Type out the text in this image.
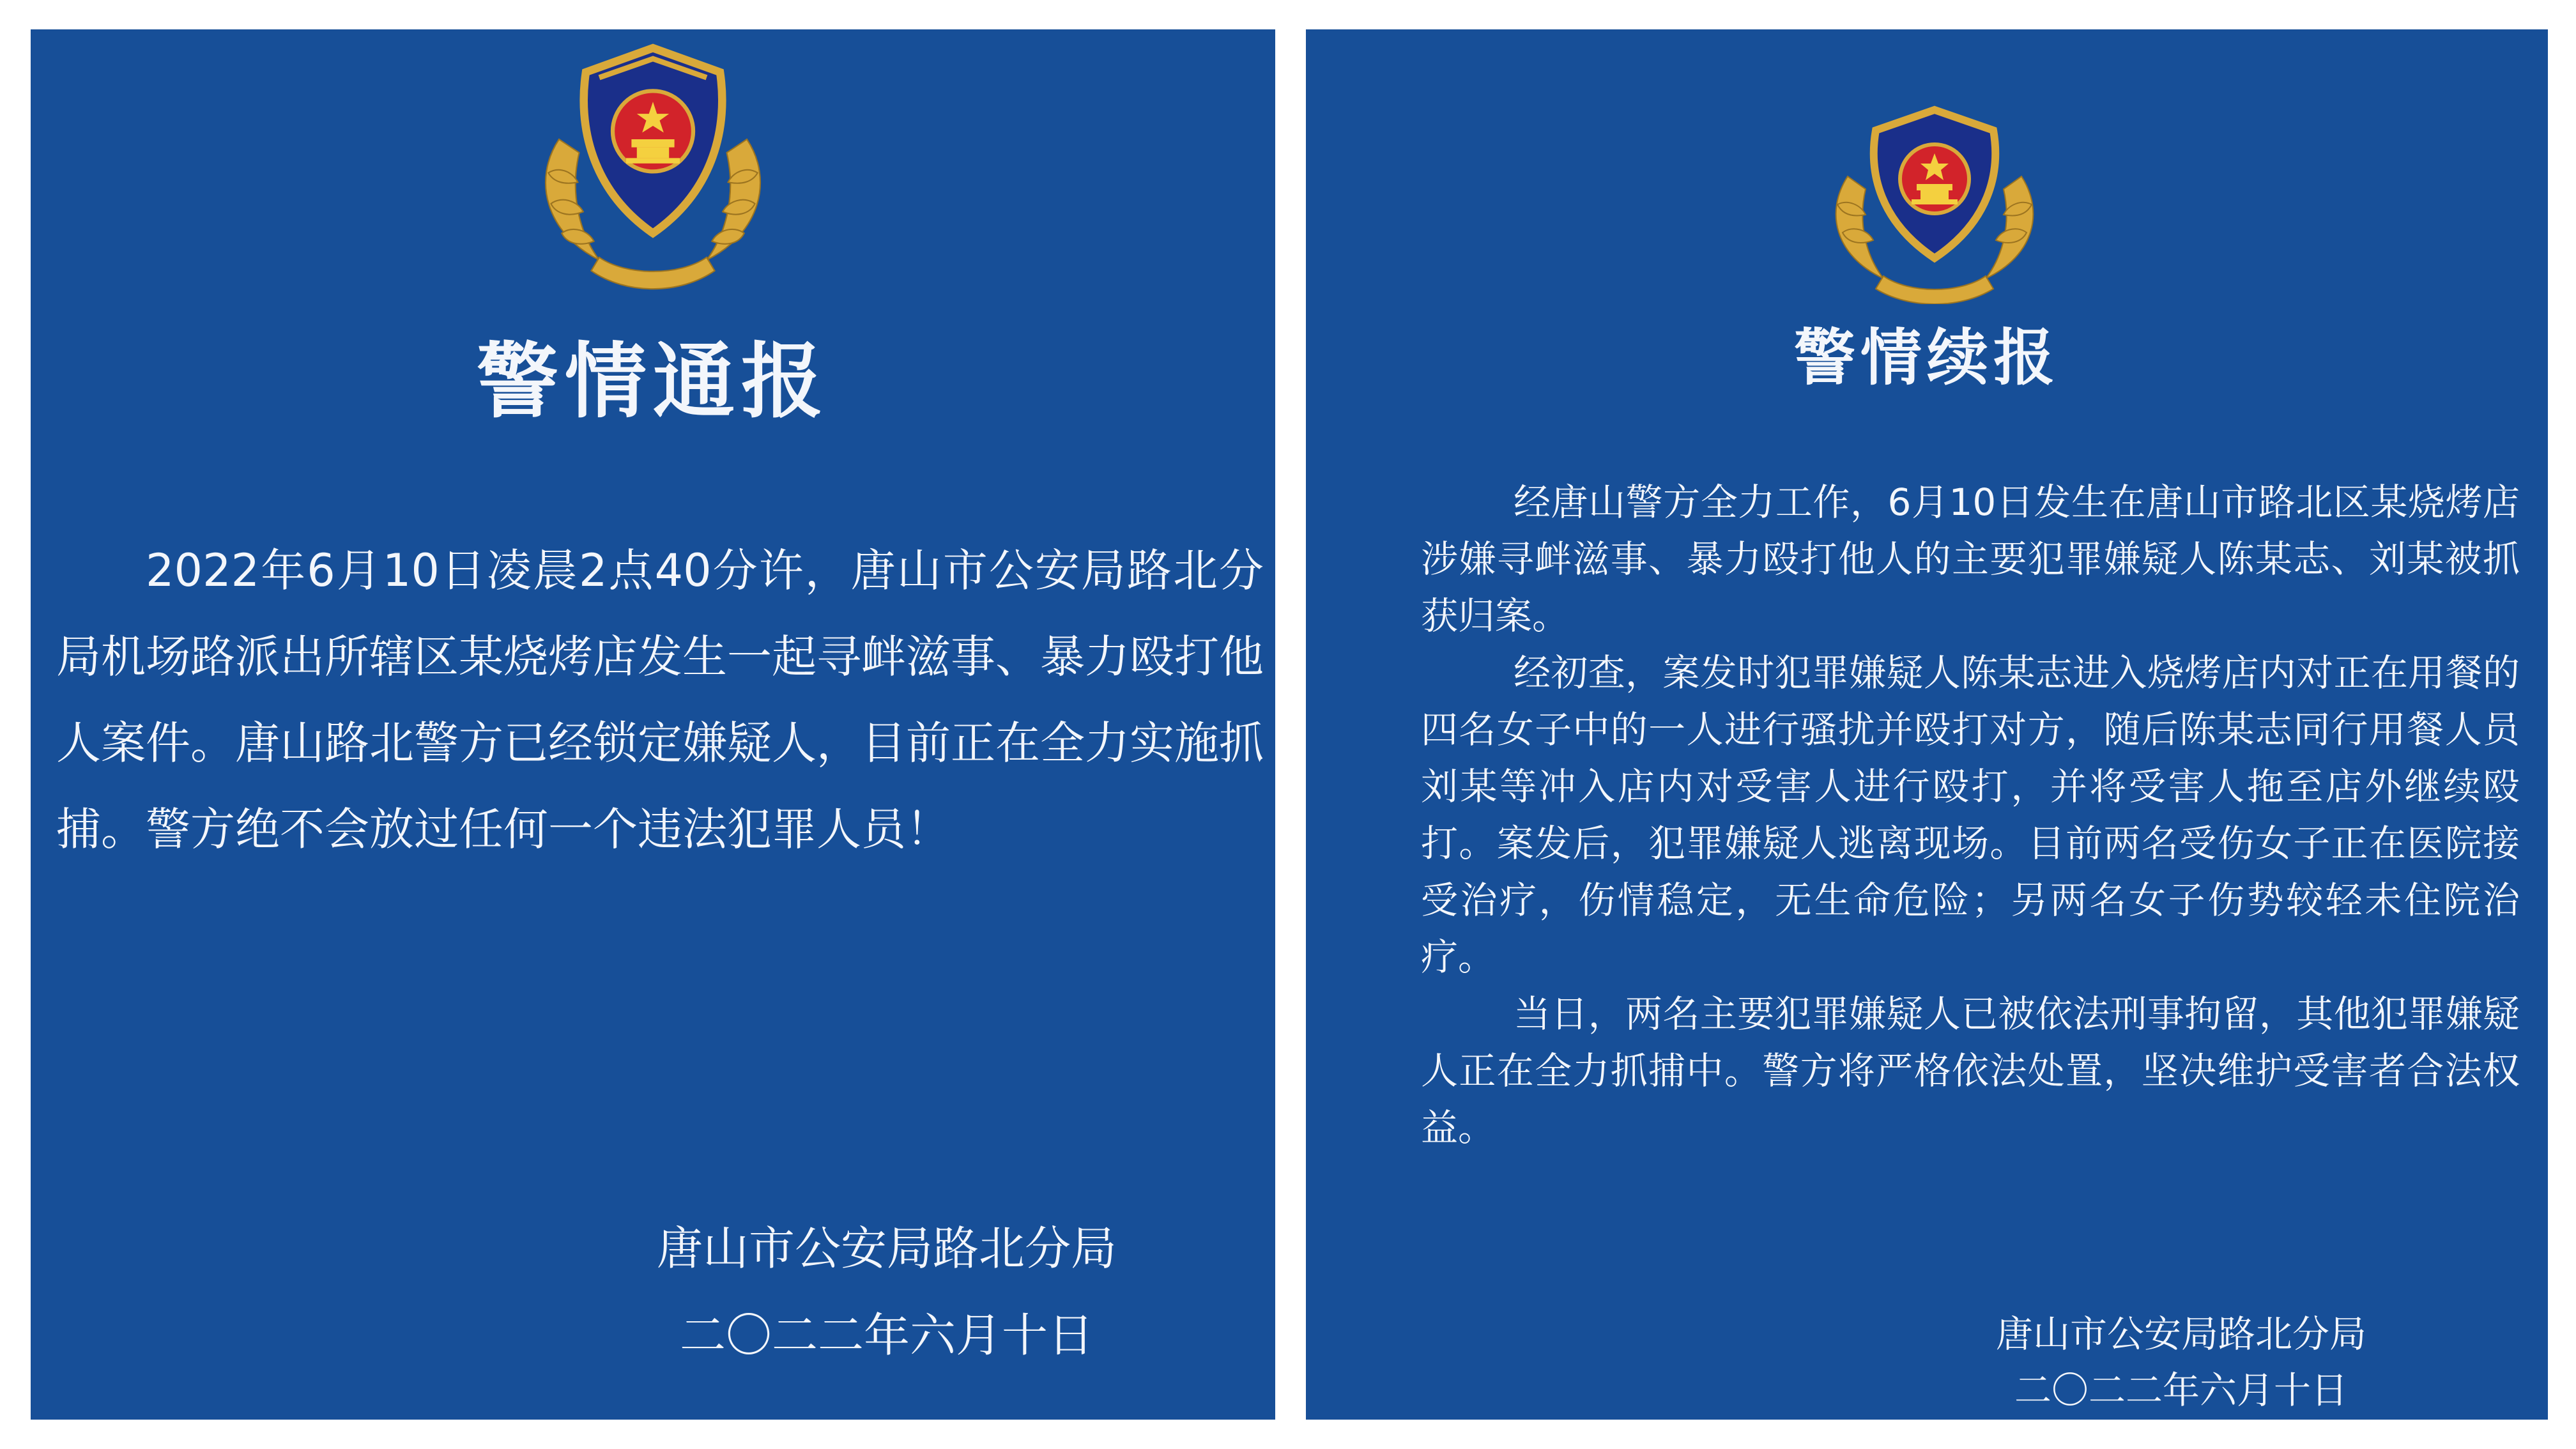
警情通报

2022年6月10日凌晨2点40分许，唐山市公安局路北分局机场路派出所辖区某烧烤店发生一起寻衅滋事、暴力殴打他人案件。唐山路北警方已经锁定嫌疑人，目前正在全力实施抓捕。警方绝不会放过任何一个违法犯罪人员！

唐山市公安局路北分局
二〇二二年六月十日
警情续报

经唐山警方全力工作，6月10日发生在唐山市路北区某烧烤店涉嫌寻衅滋事、暴力殴打他人的主要犯罪嫌疑人陈某志、刘某被抓获归案。

经初查，案发时犯罪嫌疑人陈某志进入烧烤店内对正在用餐的四名女子中的一人进行骚扰并殴打对方，随后陈某志同行用餐人员刘某等冲入店内对受害人进行殴打，并将受害人拖至店外继续殴打。案发后，犯罪嫌疑人逃离现场。目前两名受伤女子正在医院接受治疗，伤情稳定，无生命危险；另两名女子伤势较轻未住院治疗。

当日，两名主要犯罪嫌疑人已被依法刑事拘留，其他犯罪嫌疑人正在全力抓捕中。警方将严格依法处置，坚决维护受害者合法权益。

唐山市公安局路北分局
二〇二二年六月十日
